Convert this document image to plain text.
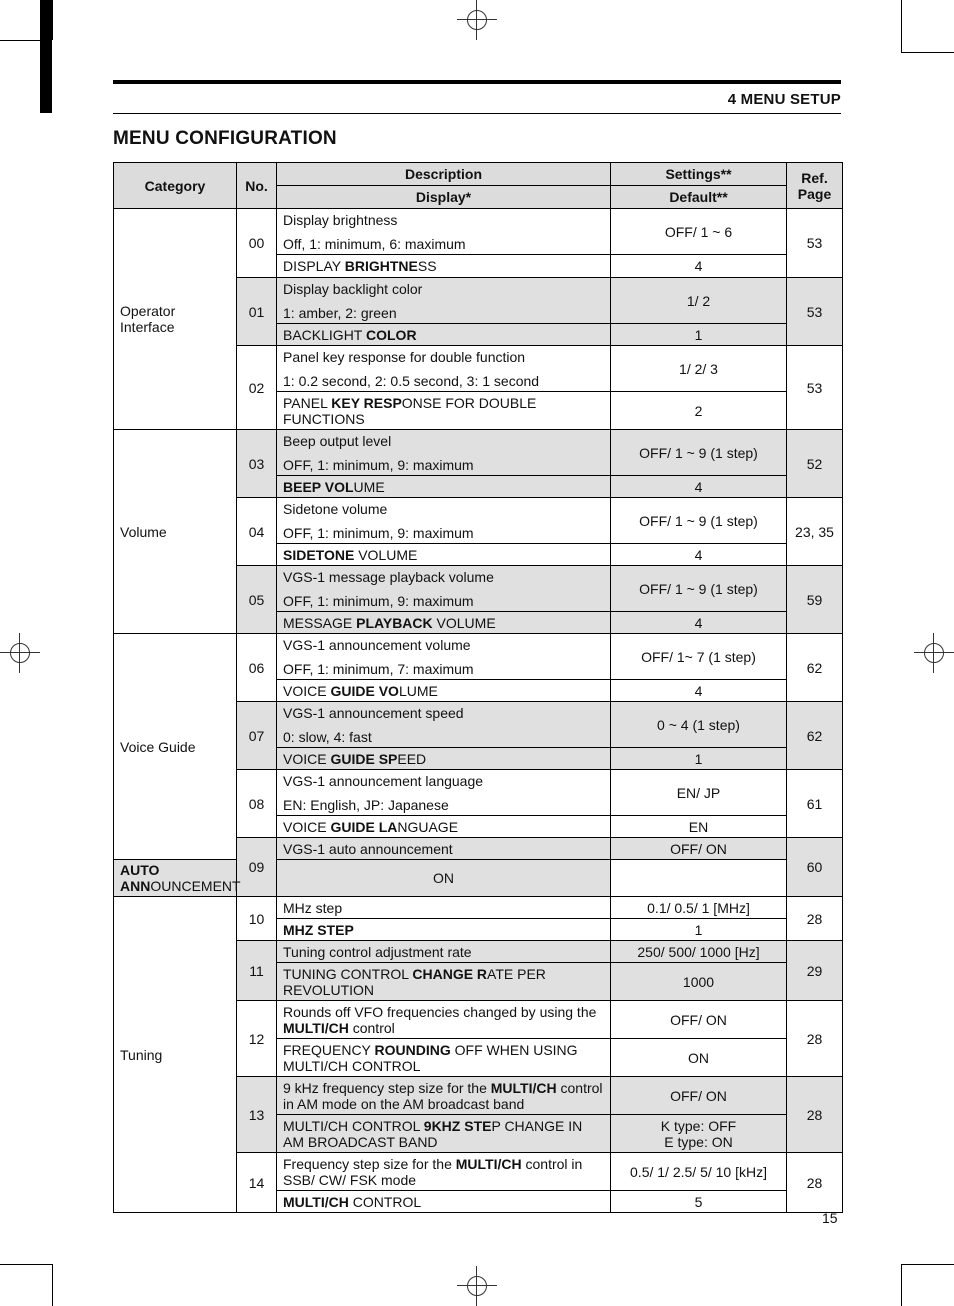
4 MENU SETUP
MENU CONFIGURATION
Category	No.	Description	Settings**	Ref. Page
		Display*	Default**	
Operator Interface	00	Display brightness
Off, 1: minimum, 6: maximum	OFF/ 1 ~ 6	53
		DISPLAY BRIGHTNESS	4	
	01	Display backlight color
1: amber, 2: green	1/ 2	53
		BACKLIGHT COLOR	1	
	02	Panel key response for double function
1: 0.2 second, 2: 0.5 second, 3: 1 second	1/ 2/ 3	53
		PANEL KEY RESPONSE FOR DOUBLE FUNCTIONS	2	
Volume	03	Beep output level
OFF, 1: minimum, 9: maximum	OFF/ 1 ~ 9 (1 step)	52
		BEEP VOLUME	4	
	04	Sidetone volume
OFF, 1: minimum, 9: maximum	OFF/ 1 ~ 9 (1 step)	23, 35
		SIDETONE VOLUME	4	
	05	VGS-1 message playback volume
OFF, 1: minimum, 9: maximum	OFF/ 1 ~ 9 (1 step)	59
		MESSAGE PLAYBACK VOLUME	4	
Voice Guide	06	VGS-1 announcement volume
OFF, 1: minimum, 7: maximum	OFF/ 1~ 7 (1 step)	62
		VOICE GUIDE VOLUME	4	
	07	VGS-1 announcement speed
0: slow, 4: fast	0 ~ 4 (1 step)	62
		VOICE GUIDE SPEED	1	
	08	VGS-1 announcement language
EN: English, JP: Japanese	EN/ JP	61
		VOICE GUIDE LANGUAGE	EN	
	09	VGS-1 auto announcement	OFF/ ON	60
AUTO ANNOUNCEMENT		ON		
Tuning	10	MHz step	0.1/ 0.5/ 1 [MHz]	28
		MHZ STEP	1	
	11	Tuning control adjustment rate	250/ 500/ 1000 [Hz]	29
		TUNING CONTROL CHANGE RATE PER REVOLUTION	1000	
	12	Rounds off VFO frequencies changed by using the MULTI/CH control	OFF/ ON	28
		FREQUENCY ROUNDING OFF WHEN USING MULTI/CH CONTROL	ON	
	13	9 kHz frequency step size for the MULTI/CH control in AM mode on the AM broadcast band	OFF/ ON	28
		MULTI/CH CONTROL 9KHZ STEP CHANGE IN AM BROADCAST BAND	K type: OFF
E type: ON	

	14	Frequency step size for the MULTI/CH control in SSB/ CW/ FSK mode	0.5/ 1/ 2.5/ 5/ 10 [kHz]	28
		MULTI/CH CONTROL	5	
15
